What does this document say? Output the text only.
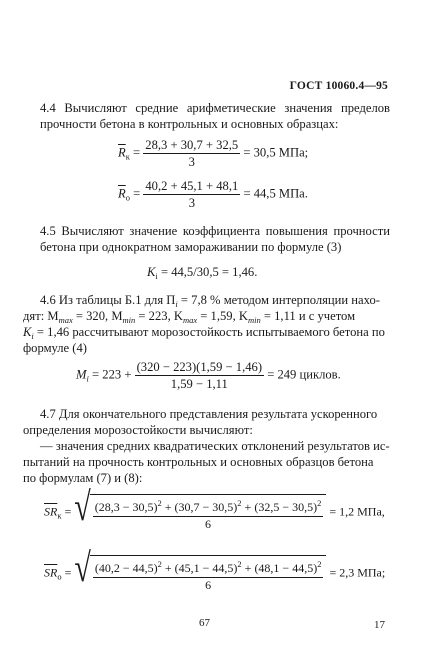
ГОСТ 10060.4—95
4.4 Вычисляют средние арифметические значения пределов прочности бетона в контрольных и основных образцах:
$\overline{R}_к = \frac{28,3 + 30,7 + 32,5}{3} = 30,5$ МПа;
$\overline{R}_о = \frac{40,2 + 45,1 + 48,1}{3} = 44,5$ МПа.
4.5 Вычисляют значение коэффициента повышения прочности бетона при однократном замораживании по формуле (3)
$K_i = 44,5/30,5 = 1,46$.
4.6 Из таблицы Б.1 для $П_i = 7,8$ % методом интерполяции нахо-
дят: $M_{max} = 320$, $M_{min} = 223$, $K_{max} = 1,59$, $K_{min} = 1,11$ и с учетом
$K_i = 1,46$ рассчитывают морозостойкость испытываемого бетона по
формуле (4)
$M_i = 223 + \frac{(320 - 223)(1,59 - 1,46)}{1,59 - 1,11} = 249$ циклов.
4.7 Для окончательного представления результата ускоренного
определения морозостойкости вычисляют:
— значения средних квадратических отклонений результатов ис-
пытаний на прочность контрольных и основных образцов бетона
по формулам (7) и (8):
$\overline{SR}_к$ = √ $\frac{(28,3 - 30,5)^2 + (30,7 - 30,5)^2 + (32,5 - 30,5)^2}{6} = 1,2$ МПа,
$\overline{SR}_о$ = √ $\frac{(40,2 - 44,5)^2 + (45,1 - 44,5)^2 + (48,1 - 44,5)^2}{6} = 2,3$ МПа;
67	17
